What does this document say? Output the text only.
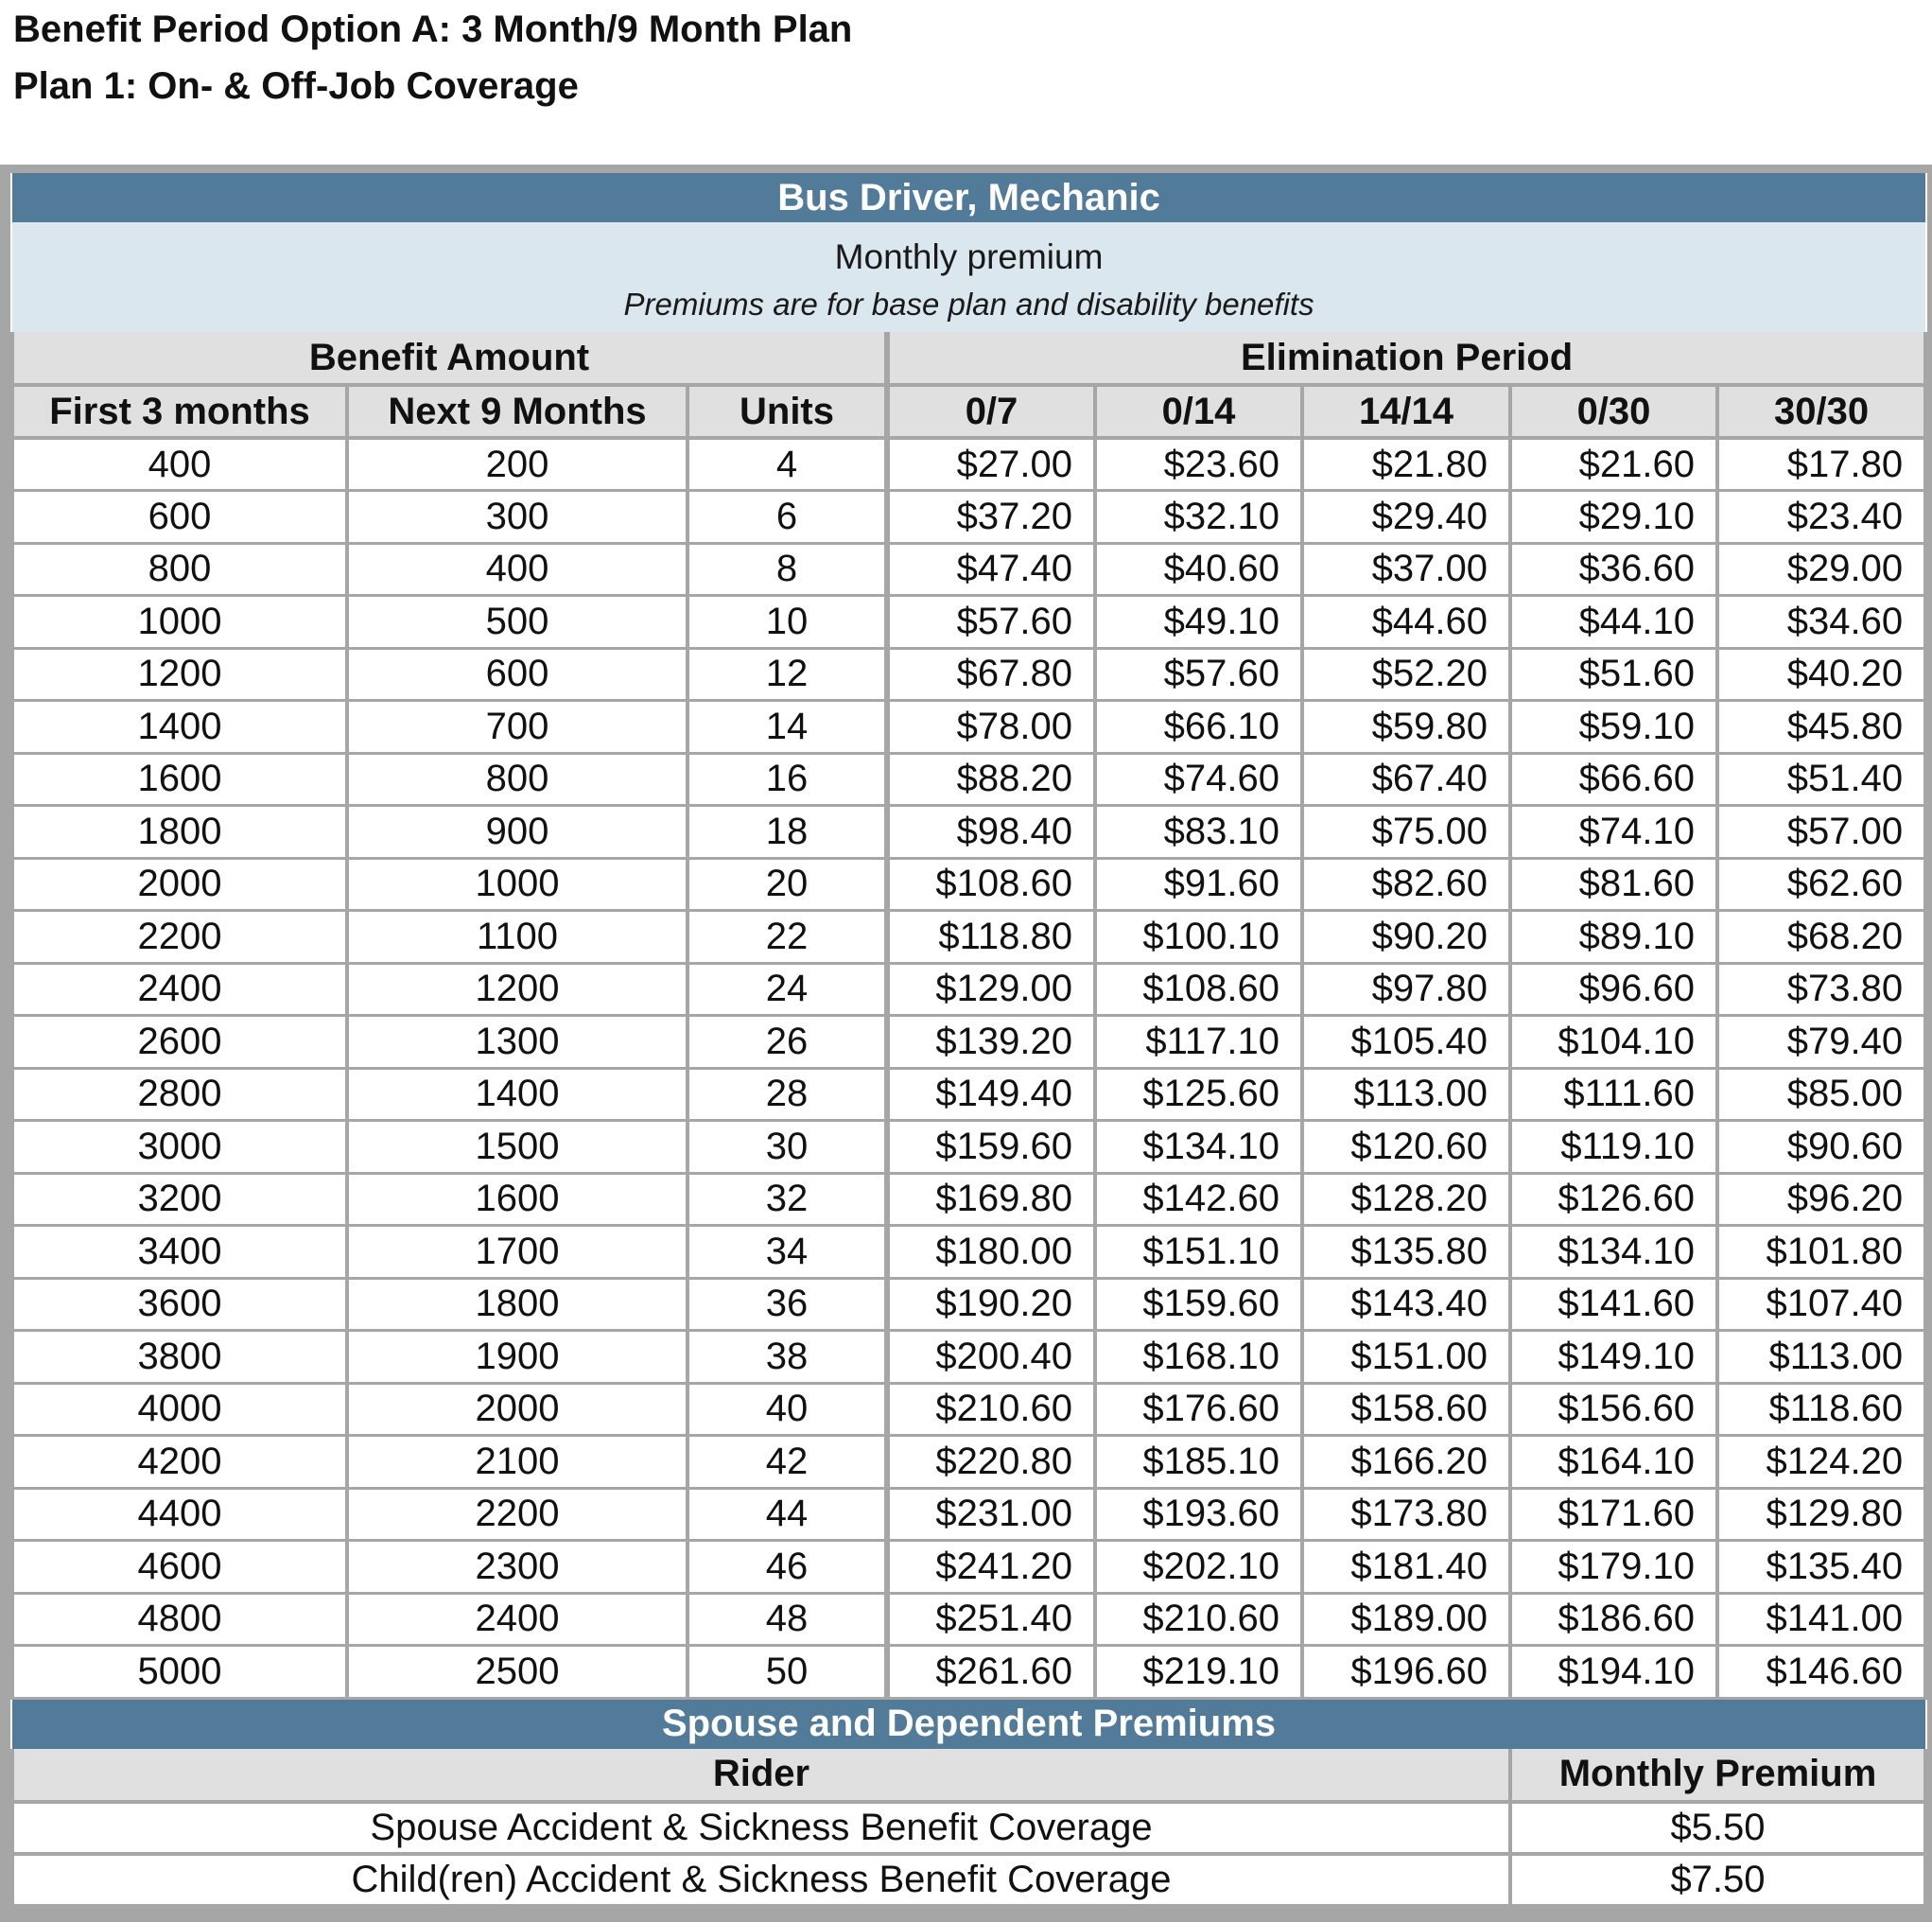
Benefit Period Option A: 3 Month/9 Month Plan
Plan 1: On- & Off-Job Coverage
Bus Driver, Mechanic							
Monthly premium							
Premiums are for base plan and disability benefits							
Benefit Amount			Elimination Period				
First 3 months	Next 9 Months	Units	0/7	0/14	14/14	0/30	30/30
400	200	4	$27.00	$23.60	$21.80	$21.60	$17.80
600	300	6	$37.20	$32.10	$29.40	$29.10	$23.40
800	400	8	$47.40	$40.60	$37.00	$36.60	$29.00
1000	500	10	$57.60	$49.10	$44.60	$44.10	$34.60
1200	600	12	$67.80	$57.60	$52.20	$51.60	$40.20
1400	700	14	$78.00	$66.10	$59.80	$59.10	$45.80
1600	800	16	$88.20	$74.60	$67.40	$66.60	$51.40
1800	900	18	$98.40	$83.10	$75.00	$74.10	$57.00
2000	1000	20	$108.60	$91.60	$82.60	$81.60	$62.60
2200	1100	22	$118.80	$100.10	$90.20	$89.10	$68.20
2400	1200	24	$129.00	$108.60	$97.80	$96.60	$73.80
2600	1300	26	$139.20	$117.10	$105.40	$104.10	$79.40
2800	1400	28	$149.40	$125.60	$113.00	$111.60	$85.00
3000	1500	30	$159.60	$134.10	$120.60	$119.10	$90.60
3200	1600	32	$169.80	$142.60	$128.20	$126.60	$96.20
3400	1700	34	$180.00	$151.10	$135.80	$134.10	$101.80
3600	1800	36	$190.20	$159.60	$143.40	$141.60	$107.40
3800	1900	38	$200.40	$168.10	$151.00	$149.10	$113.00
4000	2000	40	$210.60	$176.60	$158.60	$156.60	$118.60
4200	2100	42	$220.80	$185.10	$166.20	$164.10	$124.20
4400	2200	44	$231.00	$193.60	$173.80	$171.60	$129.80
4600	2300	46	$241.20	$202.10	$181.40	$179.10	$135.40
4800	2400	48	$251.40	$210.60	$189.00	$186.60	$141.00
5000	2500	50	$261.60	$219.10	$196.60	$194.10	$146.60
Spouse and Dependent Premiums	
Rider	Monthly Premium
Spouse Accident & Sickness Benefit Coverage	$5.50
Child(ren) Accident & Sickness Benefit Coverage	$7.50
